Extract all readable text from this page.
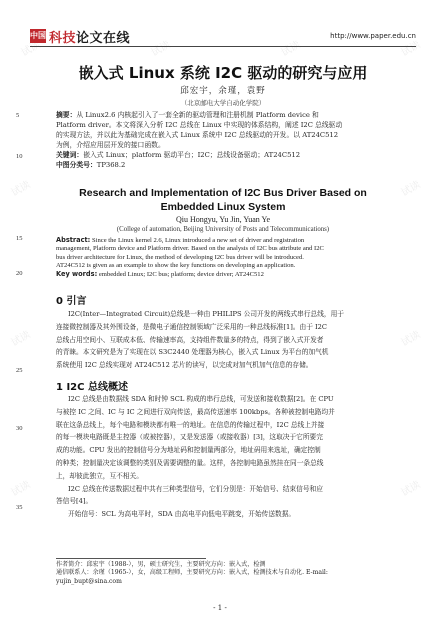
试读	试读	试读	试读
试读	试读
试读	试读
试读	试读
中国 科技论文在线	http://www.paper.edu.cn
5
10
15
20
25
30
35
嵌入式 Linux 系统 I2C 驱动的研究与应用
邱宏宇，余瑾，袁野
（北京邮电大学自动化学院）
摘要：从 Linux2.6 内核起引入了一套全新的驱动管理和注册机制 Platform device 和
Platform driver。本文将深入分析 I2C 总线在 Linux 中实现的体系结构，阐述 I2C 总线驱动
的实现方法，并以此为基础完成在嵌入式 Linux 系统中 I2C 总线驱动的开发。以 AT24C512
为例，介绍应用层开发的接口函数。
关键词：嵌入式 Linux；platform 驱动平台；I2C；总线设备驱动；AT24C512
中图分类号：TP368.2
Research and Implementation of I2C Bus Driver Based on
Embedded Linux System
Qiu Hongyu, Yu Jin, Yuan Ye
(College of automation, Beijing University of Posts and Telecommunications)
Abstract: Since the Linux kernel 2.6, Linux introduced a new set of driver and registration
management, Platform device and Platform driver. Based on the analysis of I2C bus attribute and I2C
bus driver architecture for Linux, the method of developing I2C bus driver will be introduced.
AT24C512 is given as an example to show the key functions on developing an application.
Key words: embedded Linux; I2C bus; platform; device driver; AT24C512
0 引言
I2C(Inter—Integrated Circuit)总线是一种由 PHILIPS 公司开发的两线式串行总线，用于
连接微控制器及其外围设备，是微电子通信控制领域广泛采用的一种总线标准[1]。由于 I2C
总线占用空间小、互联成本低、传输速率高，支持组件数量多的特点，得到了嵌入式开发者
的青睐。本文研究是为了实现在以 S3C2440 处理器为核心，嵌入式 Linux 为平台的加气机
系统使用 I2C 总线实现对 AT24C512 芯片的读写，以完成对加气机加气信息的存储。
1 I2C 总线概述
I2C 总线是由数据线 SDA 和时钟 SCL 构成的串行总线，可发送和接收数据[2]。在 CPU
与被控 IC 之间、IC 与 IC 之间进行双向传送，最高传送速率 100kbps。各种被控制电路均并
联在这条总线上，每个电路和模块都有唯一的地址。在信息的传输过程中，I2C 总线上并接
的每一模块电路既是主控器（或被控器），又是发送器（或接收器）[3]，这取决于它所要完
成的功能。CPU 发出的控制信号分为地址码和控制量两部分，地址码用来选址，确定控制
的种类；控制量决定该调整的类别及需要调整的量。这样，各控制电路虽然挂在同一条总线
上，却彼此独立，互不相关。
I2C 总线在传送数据过程中共有三种类型信号，它们分别是：开始信号、结束信号和应
答信号[4]。
开始信号：SCL 为高电平时，SDA 由高电平向低电平跳变，开始传送数据。
作者简介：邱宏宇（1988-），男，硕士研究生，主要研究方向：嵌入式，检测
通信联系人：余瑾（1965-），女，高级工程师，主要研究方向：嵌入式，检测技术与自动化. E-mail:
yujin_bupt@sina.com
- 1 -
